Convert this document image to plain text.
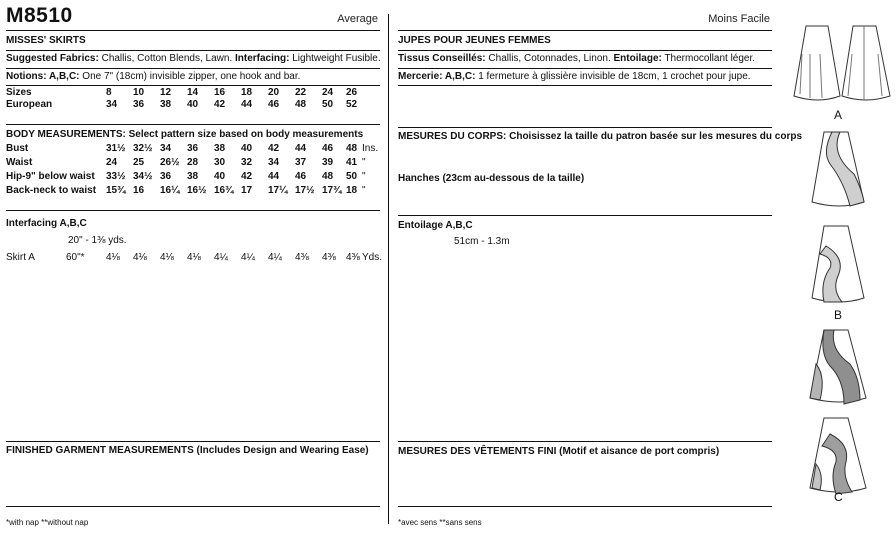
M8510	Average
MISSES' SKIRTS
Suggested Fabrics: Challis, Cotton Blends, Lawn. Interfacing: Lightweight Fusible.
Notions: A,B,C: One 7" (18cm) invisible zipper, one hook and bar.
Sizes	8 10 12 14 16 18 20 22 24 26
European	34 36 38 40 42 44 46 48 50 52
BODY MEASUREMENTS: Select pattern size based on body measurements
Bust	31½ 32½ 34 36 38 40 42 44 46 48 Ins.
Waist	24 25 26½ 28 30 32 34 37 39 41 "
Hip-9" below waist 33½ 34½ 36 38 40 42 44 46 48 50 "
Back-neck to waist 15¾ 16 16¼ 16½ 16¾ 17 17¼ 17½ 17¾ 18 "
Interfacing A,B,C
20" - 1⅜ yds.
Skirt A	60"* 4⅛ 4⅛ 4⅛ 4⅛ 4¼ 4¼ 4¼ 4⅜ 4⅜ 4⅜ Yds.
FINISHED GARMENT MEASUREMENTS (Includes Design and Wearing Ease)
*with nap **without nap
Moins Facile
JUPES POUR JEUNES FEMMES
Tissus Conseillés: Challis, Cotonnades, Linon. Entoilage: Thermocollant léger.
Mercerie: A,B,C: 1 fermeture à glissière invisible de 18cm, 1 crochet pour jupe.
MESURES DU CORPS: Choisissez la taille du patron basée sur les mesures du corps
Hanches (23cm au-dessous de la taille)
Entoilage A,B,C
51cm - 1.3m
MESURES DES VÊTEMENTS FINI (Motif et aisance de port compris)
*avec sens **sans sens
A
B
C
